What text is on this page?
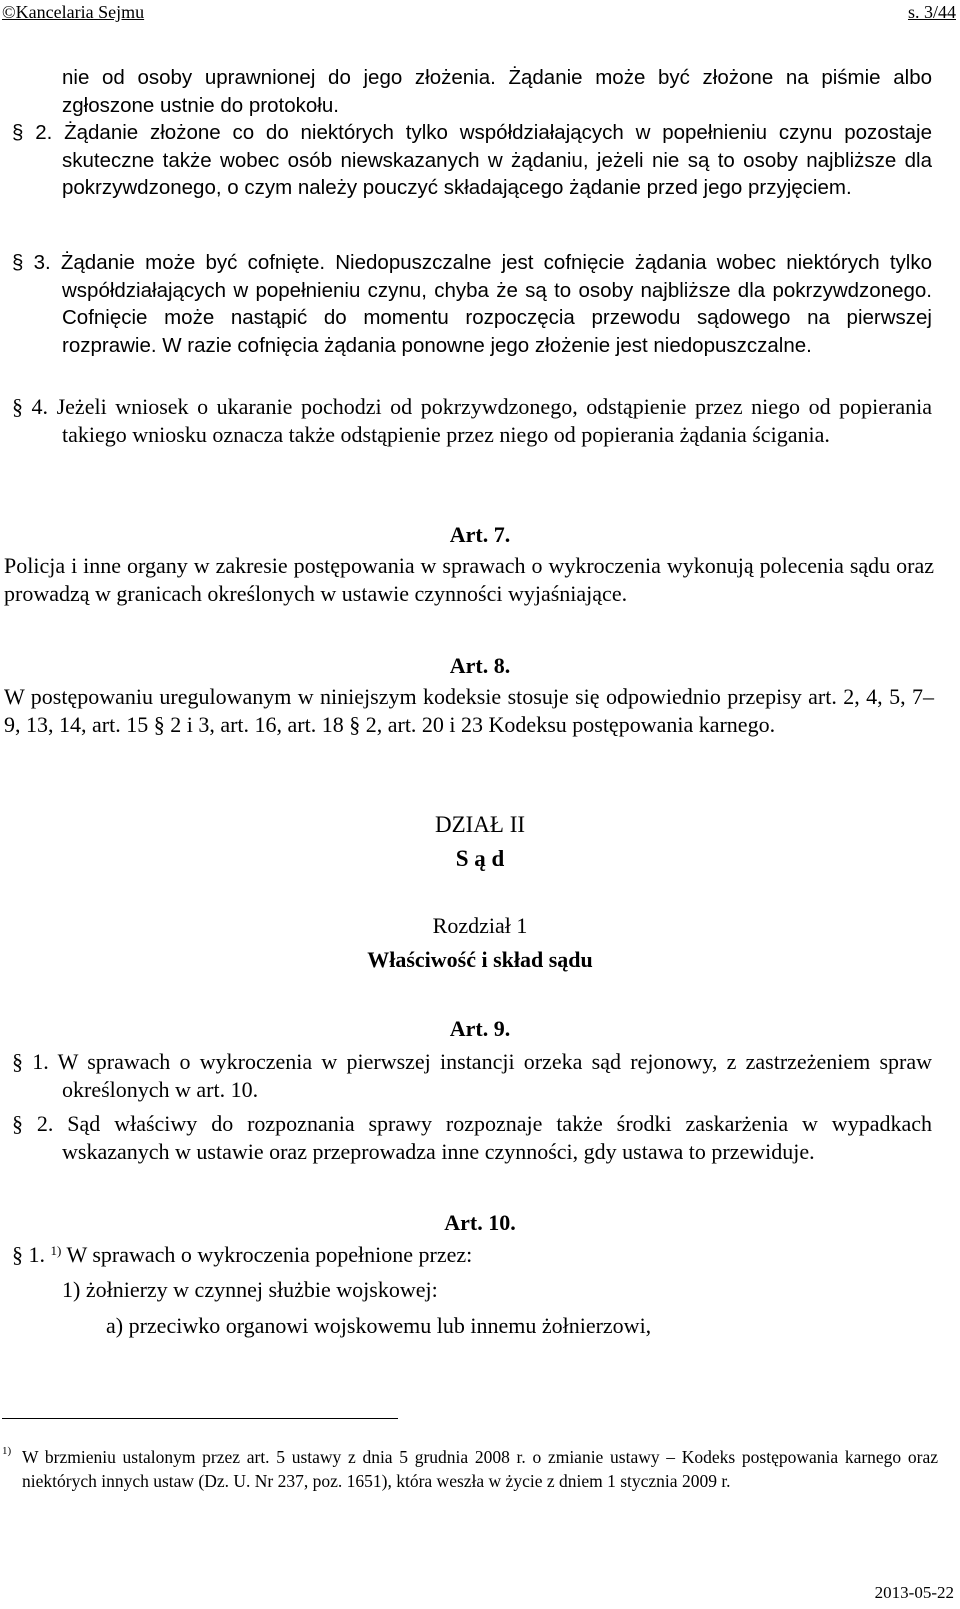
©Kancelaria Sejmu	s. 3/44
nie od osoby uprawnionej do jego złożenia. Żądanie może być złożone na piśmie albo zgłoszone ustnie do protokołu.
§ 2. Żądanie złożone co do niektórych tylko współdziałających w popełnieniu czynu pozostaje skuteczne także wobec osób niewskazanych w żądaniu, jeżeli nie są to osoby najbliższe dla pokrzywdzonego, o czym należy pouczyć składającego żądanie przed jego przyjęciem.
§ 3. Żądanie może być cofnięte. Niedopuszczalne jest cofnięcie żądania wobec niektórych tylko współdziałających w popełnieniu czynu, chyba że są to osoby najbliższe dla pokrzywdzonego. Cofnięcie może nastąpić do momentu rozpoczęcia przewodu sądowego na pierwszej rozprawie. W razie cofnięcia żądania ponowne jego złożenie jest niedopuszczalne.
§ 4. Jeżeli wniosek o ukaranie pochodzi od pokrzywdzonego, odstąpienie przez niego od popierania takiego wniosku oznacza także odstąpienie przez niego od popierania żądania ścigania.
Art. 7.
Policja i inne organy w zakresie postępowania w sprawach o wykroczenia wykonują polecenia sądu oraz prowadzą w granicach określonych w ustawie czynności wyjaśniające.
Art. 8.
W postępowaniu uregulowanym w niniejszym kodeksie stosuje się odpowiednio przepisy art. 2, 4, 5, 7–9, 13, 14, art. 15 § 2 i 3, art. 16, art. 18 § 2, art. 20 i 23 Kodeksu postępowania karnego.
DZIAŁ II
S ą d
Rozdział 1
Właściwość i skład sądu
Art. 9.
§ 1. W sprawach o wykroczenia w pierwszej instancji orzeka sąd rejonowy, z zastrzeżeniem spraw określonych w art. 10.
§ 2. Sąd właściwy do rozpoznania sprawy rozpoznaje także środki zaskarżenia w wypadkach wskazanych w ustawie oraz przeprowadza inne czynności, gdy ustawa to przewiduje.
Art. 10.
§ 1. $^{1)}$ W sprawach o wykroczenia popełnione przez:
1) żołnierzy w czynnej służbie wojskowej:
a) przeciwko organowi wojskowemu lub innemu żołnierzowi,
1) W brzmieniu ustalonym przez art. 5 ustawy z dnia 5 grudnia 2008 r. o zmianie ustawy – Kodeks postępowania karnego oraz niektórych innych ustaw (Dz. U. Nr 237, poz. 1651), która weszła w życie z dniem 1 stycznia 2009 r.
2013-05-22
